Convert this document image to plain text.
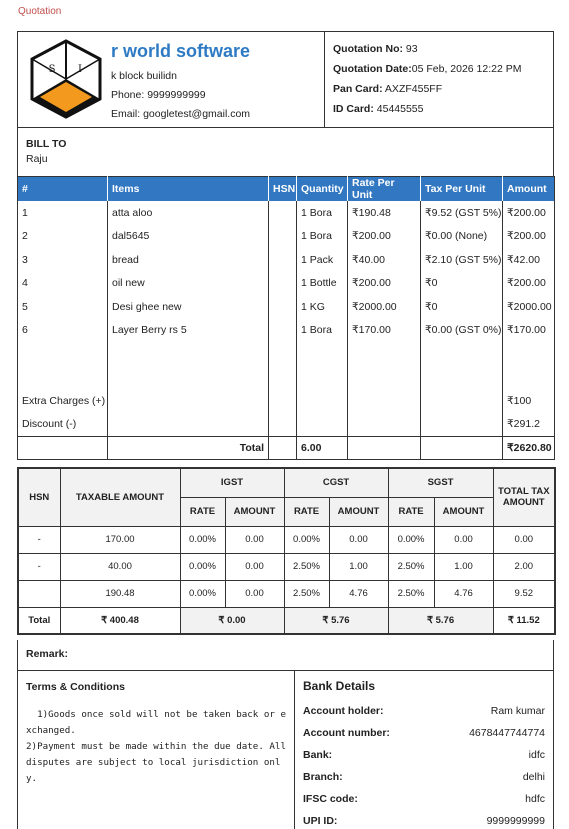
Quotation
S I
r world software
k block builidn
Phone: 9999999999
Email: googletest@gmail.com
Quotation No: 93
Quotation Date:05 Feb, 2026 12:22 PM
Pan Card: AXZF455FF
ID Card: 45445555
BILL TO
Raju
#	Items	HSN	Quantity	Rate Per Unit	Tax Per Unit	Amount
1	atta aloo		1 Bora	₹190.48	₹9.52 (GST 5%)	₹200.00
2	dal5645		1 Bora	₹200.00	₹0.00 (None)	₹200.00
3	bread		1 Pack	₹40.00	₹2.10 (GST 5%)	₹42.00
4	oil new		1 Bottle	₹200.00	₹0	₹200.00
5	Desi ghee new		1 KG	₹2000.00	₹0	₹2000.00
6	Layer Berry rs 5		1 Bora	₹170.00	₹0.00 (GST 0%)	₹170.00

Extra Charges (+)						₹100
Discount (-)						₹291.2
	Total		6.00			₹2620.80
HSN	TAXABLE AMOUNT	IGST		CGST		SGST		TOTAL TAX AMOUNT
		RATE	AMOUNT	RATE	AMOUNT	RATE	AMOUNT	
-	170.00	0.00%	0.00	0.00%	0.00	0.00%	0.00	0.00
-	40.00	0.00%	0.00	2.50%	1.00	2.50%	1.00	2.00
	190.48	0.00%	0.00	2.50%	4.76	2.50%	4.76	9.52
Total	₹ 400.48	₹ 0.00		₹ 5.76		₹ 5.76		₹ 11.52
Remark:
Terms & Conditions
1)Goods once sold will not be taken back or exchanged.
2)Payment must be made within the due date. All disputes are subject to local jurisdiction onl y.
Bank Details
Account holder:	Ram kumar
Account number:	4678447744774
Bank:	idfc
Branch:	delhi
IFSC code:	hdfc
UPI ID:	9999999999
